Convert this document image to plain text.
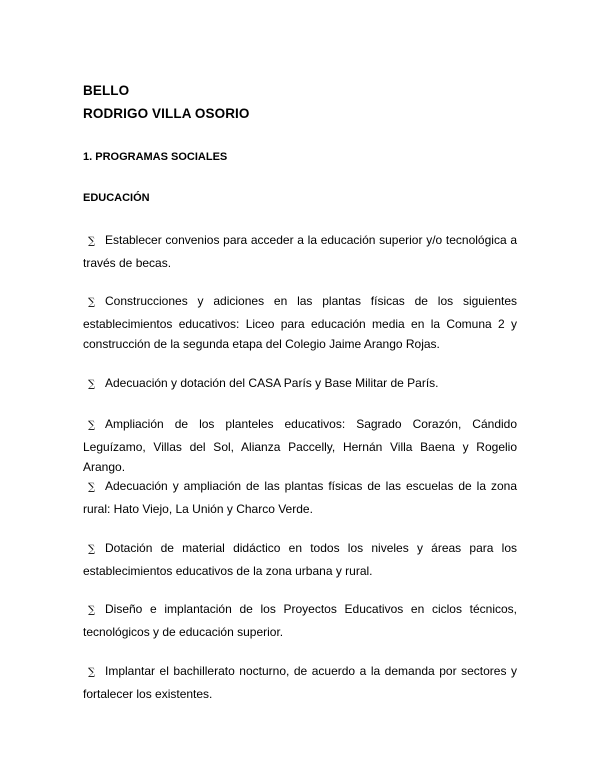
BELLO
RODRIGO VILLA OSORIO
1. PROGRAMAS SOCIALES
EDUCACIÓN
∑ Establecer convenios para acceder a la educación superior y/o tecnológica a través de becas.
∑ Construcciones y adiciones en las plantas físicas de los siguientes establecimientos educativos: Liceo para educación media en la Comuna 2 y construcción de la segunda etapa del Colegio Jaime Arango Rojas.
∑ Adecuación y dotación del CASA París y Base Militar de París.
∑ Ampliación de los planteles educativos: Sagrado Corazón, Cándido Leguízamo, Villas del Sol, Alianza Paccelly, Hernán Villa Baena y Rogelio Arango.
∑ Adecuación y ampliación de las plantas físicas de las escuelas de la zona rural: Hato Viejo, La Unión y Charco Verde.
∑ Dotación de material didáctico en todos los niveles y áreas para los establecimientos educativos de la zona urbana y rural.
∑ Diseño e implantación de los Proyectos Educativos en ciclos técnicos, tecnológicos y de educación superior.
∑ Implantar el bachillerato nocturno, de acuerdo a la demanda por sectores y fortalecer los existentes.
